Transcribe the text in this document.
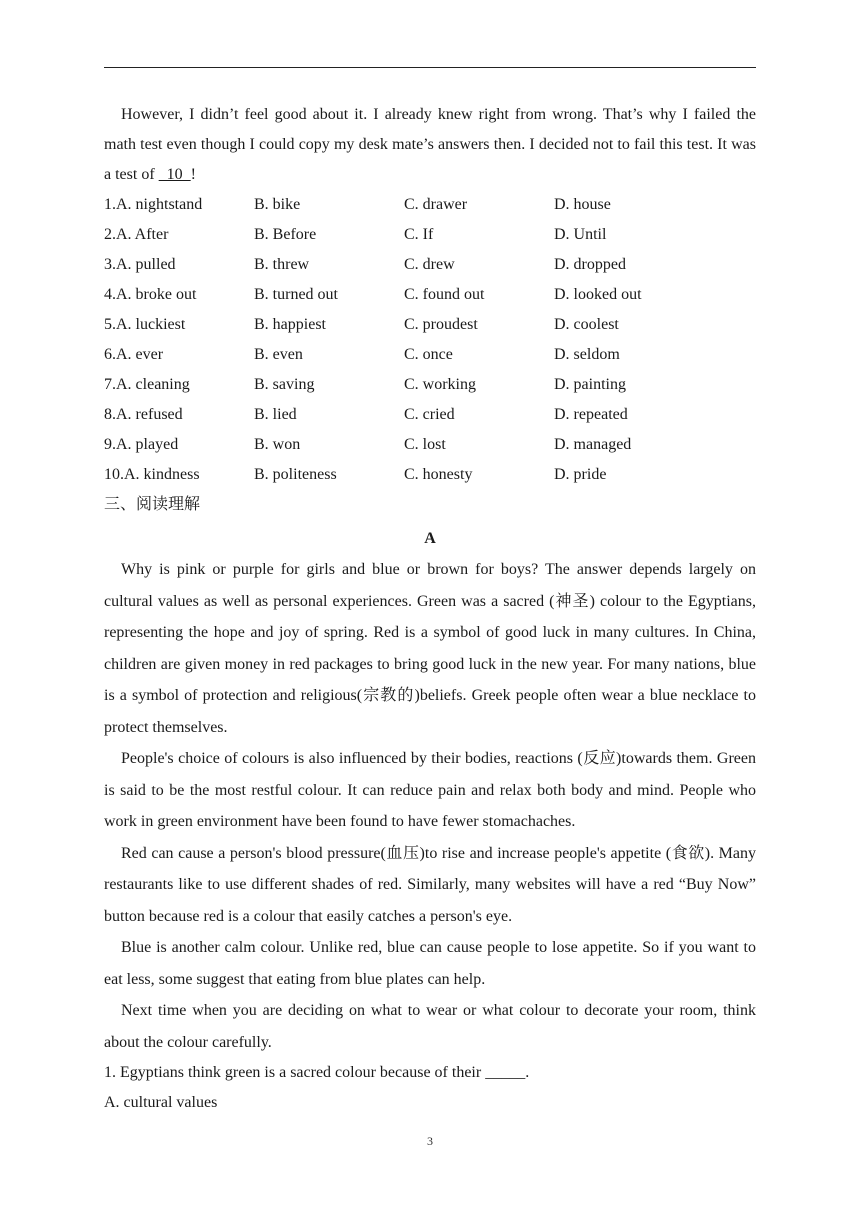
However, I didn’t feel good about it. I already knew right from wrong. That’s why I failed the math test even though I could copy my desk mate’s answers then. I decided not to fail this test. It was a test of   10  !

1.A. nightstand	B. bike	C. drawer	D. house
2.A. After	B. Before	C. If	D. Until
3.A. pulled	B. threw	C. drew	D. dropped
4.A. broke out	B. turned out	C. found out	D. looked out
5.A. luckiest	B. happiest	C. proudest	D. coolest
6.A. ever	B. even	C. once	D. seldom
7.A. cleaning	B. saving	C. working	D. painting
8.A. refused	B. lied	C. cried	D. repeated
9.A. played	B. won	C. lost	D. managed
10.A. kindness	B. politeness	C. honesty	D. pride
三、阅读理解
A

Why is pink or purple for girls and blue or brown for boys? The answer depends largely on cultural values as well as personal experiences. Green was a sacred (神圣) colour to the Egyptians, representing the hope and joy of spring. Red is a symbol of good luck in many cultures. In China, children are given money in red packages to bring good luck in the new year. For many nations, blue is a symbol of protection and religious(宗教的)beliefs. Greek people often wear a blue necklace to protect themselves.

People's choice of colours is also influenced by their bodies, reactions (反应)towards them. Green is said to be the most restful colour. It can reduce pain and relax both body and mind. People who work in green environment have been found to have fewer stomachaches.

Red can cause a person's blood pressure(血压)to rise and increase people's appetite (食欲). Many restaurants like to use different shades of red. Similarly, many websites will have a red “Buy Now” button because red is a colour that easily catches a person's eye.

Blue is another calm colour. Unlike red, blue can cause people to lose appetite. So if you want to eat less, some suggest that eating from blue plates can help.

Next time when you are deciding on what to wear or what colour to decorate your room, think about the colour carefully.

1. Egyptians think green is a sacred colour because of their _____.

A. cultural values

3
